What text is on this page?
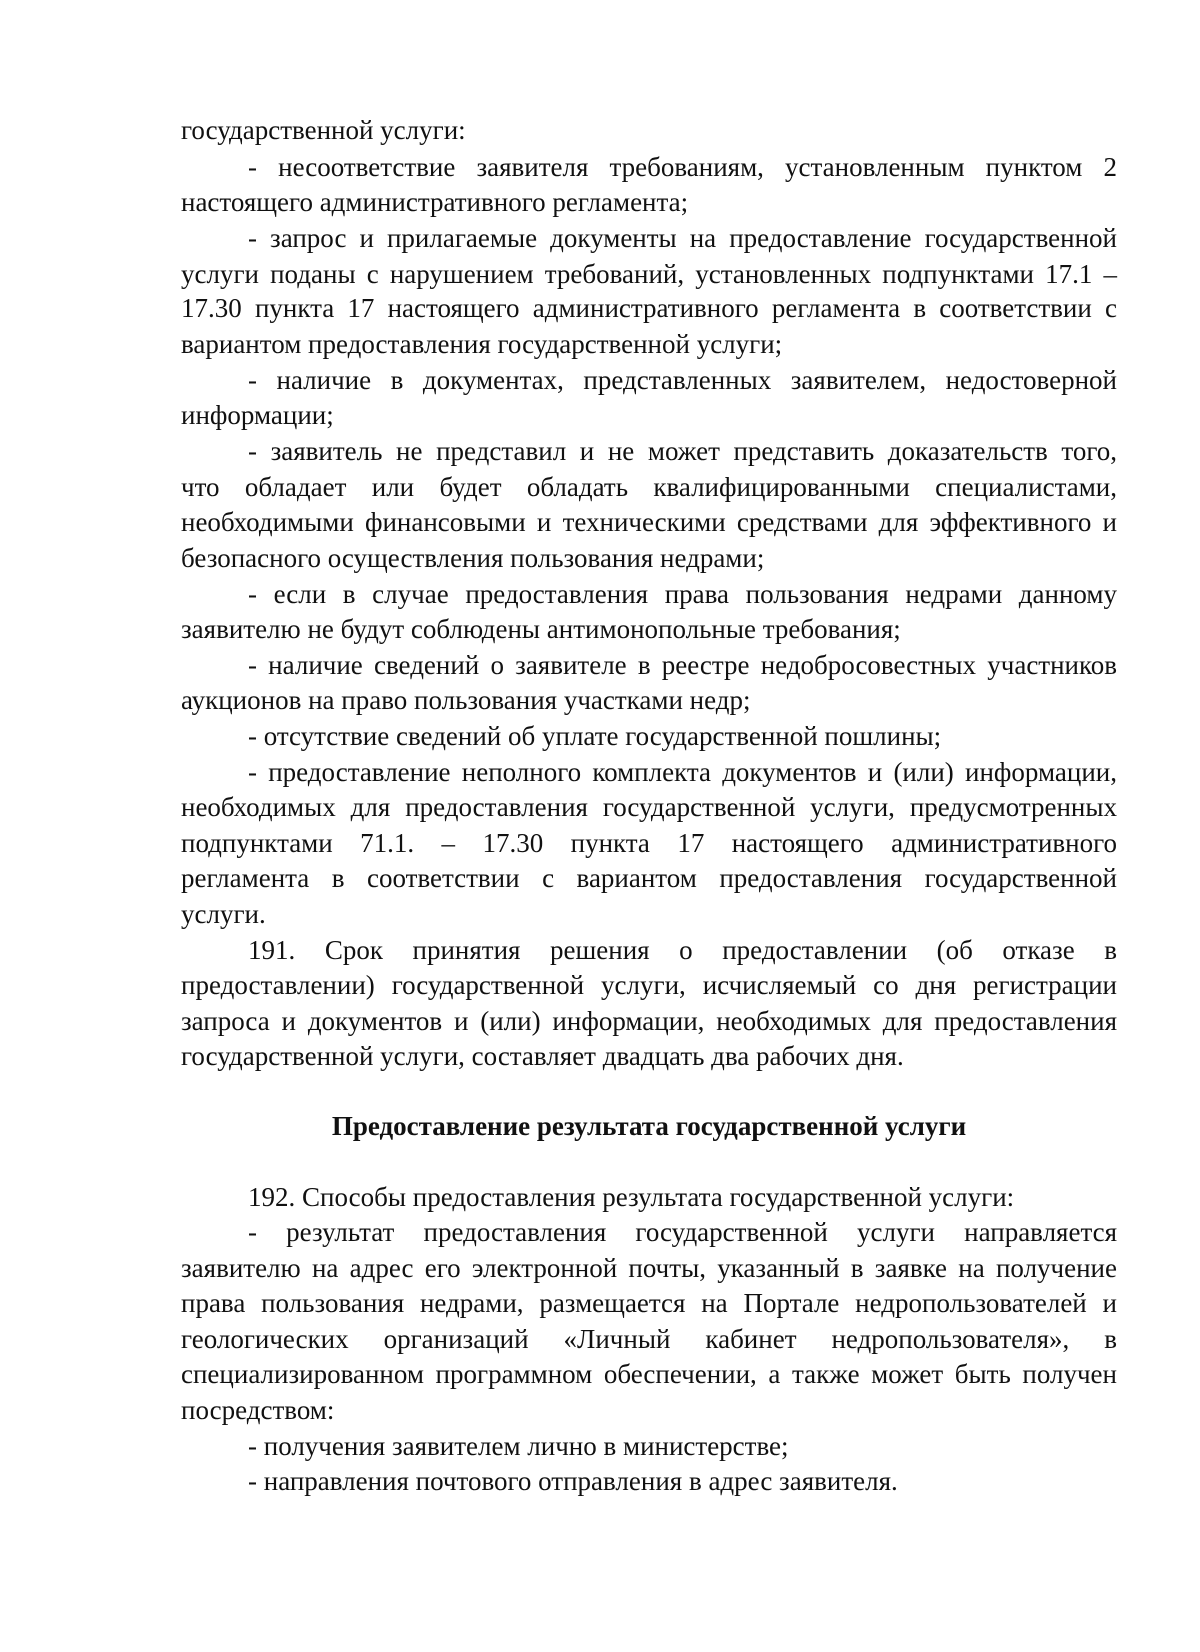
государственной услуги:
- несоответствие заявителя требованиям, установленным пунктом 2
настоящего административного регламента;
- запрос и прилагаемые документы на предоставление государственной
услуги поданы с нарушением требований, установленных подпунктами 17.1 –
17.30 пункта 17 настоящего административного регламента в соответствии с
вариантом предоставления государственной услуги;
- наличие в документах, представленных заявителем, недостоверной
информации;
- заявитель не представил и не может представить доказательств того,
что обладает или будет обладать квалифицированными специалистами,
необходимыми финансовыми и техническими средствами для эффективного и
безопасного осуществления пользования недрами;
- если в случае предоставления права пользования недрами данному
заявителю не будут соблюдены антимонопольные требования;
- наличие сведений о заявителе в реестре недобросовестных участников
аукционов на право пользования участками недр;
- отсутствие сведений об уплате государственной пошлины;
- предоставление неполного комплекта документов и (или) информации,
необходимых для предоставления государственной услуги, предусмотренных
подпунктами 71.1. – 17.30 пункта 17 настоящего административного
регламента в соответствии с вариантом предоставления государственной
услуги.
191. Срок принятия решения о предоставлении (об отказе в
предоставлении) государственной услуги, исчисляемый со дня регистрации
запроса и документов и (или) информации, необходимых для предоставления
государственной услуги, составляет двадцать два рабочих дня.
Предоставление результата государственной услуги
192. Способы предоставления результата государственной услуги:
- результат предоставления государственной услуги направляется
заявителю на адрес его электронной почты, указанный в заявке на получение
права пользования недрами, размещается на Портале недропользователей и
геологических организаций «Личный кабинет недропользователя», в
специализированном программном обеспечении, а также может быть получен
посредством:
- получения заявителем лично в министерстве;
- направления почтового отправления в адрес заявителя.
